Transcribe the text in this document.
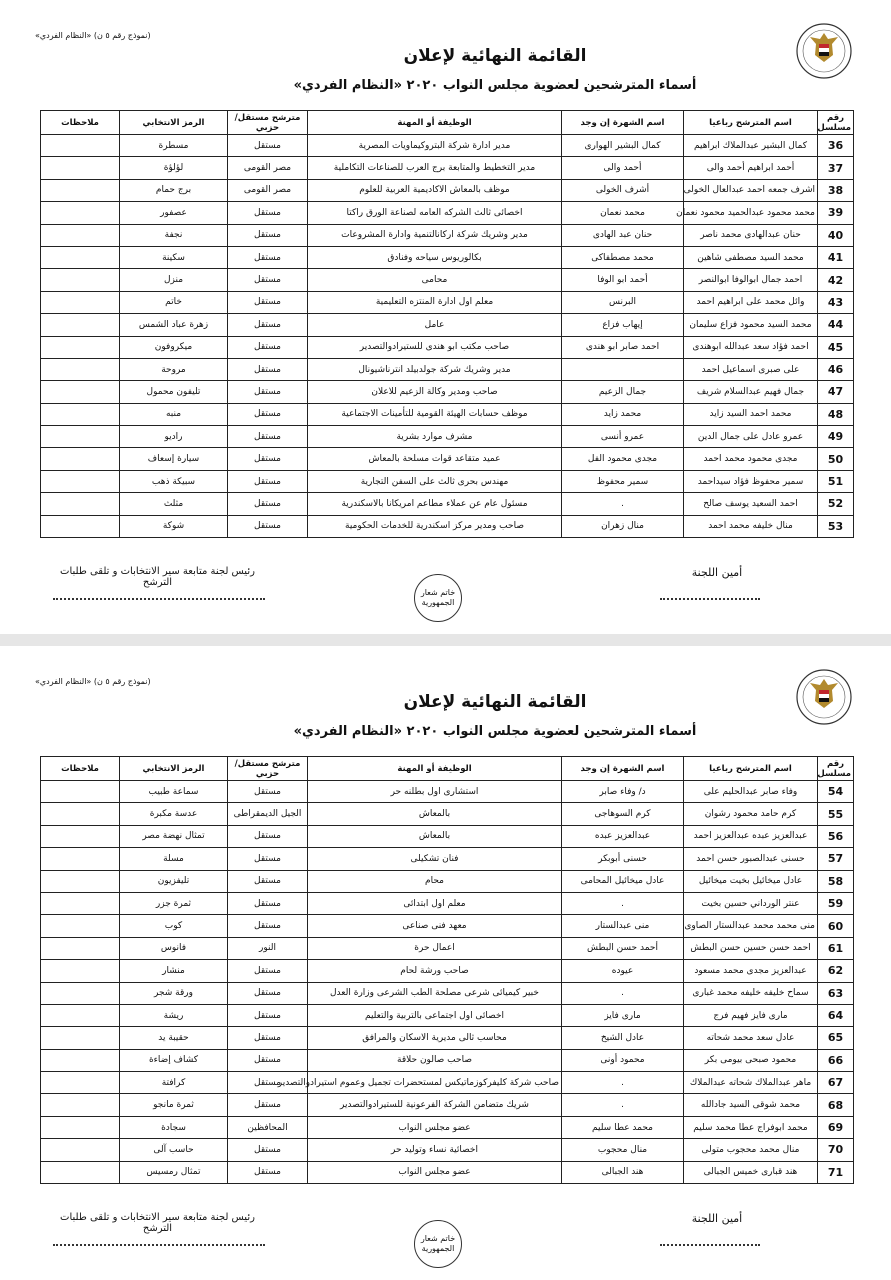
(نموذج رقم ٥ ن) «النظام الفردي»
القائمة النهائية لإعلان
أسماء المترشحين لعضوية مجلس النواب ٢٠٢٠ «النظام الفردي»
رقم مسلسل	اسم المترشح رباعيا	اسم الشهرة إن وجد	الوظيفة أو المهنة	مترشح مستقل/حزبي	الرمز الانتخابي	ملاحظات
36	كمال البشير عبدالملاك ابراهيم	كمال البشير الهوارى	مدير ادارة شركة البتروكيماويات المصرية	مستقل	مسطرة	
37	أحمد ابراهيم أحمد والى	أحمد والى	مدير التخطيط والمتابعة برج العرب للصناعات التكاملية	مصر القومى	لؤلؤة	
38	اشرف جمعه احمد عبدالعال الخولى	أشرف الخولى	موظف بالمعاش الاكاديمية العربية للعلوم	مصر القومى	برج حمام	
39	محمد محمود عبدالحميد محمود نعمان	محمد نعمان	اخصائى ثالث الشركه العامه لصناعة الورق راكتا	مستقل	عصفور	
40	حنان عبدالهادى محمد ناصر	حنان عبد الهادى	مدير وشريك شركة اركانالتنمية وادارة المشروعات	مستقل	نجفة	
41	محمد السيد مصطفى شاهين	محمد مصطفاكى	بكالوريوس سياحه وفنادق	مستقل	سكينة	
42	احمد جمال ابوالوفا ابوالنصر	أحمد ابو الوفا	محامى	مستقل	منزل	
43	وائل محمد على ابراهيم احمد	البرنس	معلم اول ادارة المنتزه التعليمية	مستقل	خاتم	
44	محمد السيد محمود فزاع سليمان	إيهاب فزاع	عامل	مستقل	زهرة عباد الشمس	
45	احمد فؤاد سعد عبدالله ابوهندى	احمد صابر ابو هندى	صاحب مكتب ابو هندى للستيرادوالتصدير	مستقل	ميكروفون	
46	على صبرى اسماعيل احمد		مدير وشريك شركة جولدبيلد انترناشيونال	مستقل	مروحة	
47	جمال فهيم عبدالسلام شريف	جمال الزعيم	صاحب ومدير وكالة الزعيم للاعلان	مستقل	تليفون محمول	
48	محمد احمد السيد زايد	محمد زايد	موظف حسابات الهيئة القومية للتأمينات الاجتماعية	مستقل	منبه	
49	عمرو عادل على جمال الدين	عمرو أنسى	مشرف موارد بشرية	مستقل	راديو	
50	مجدى محمود محمد احمد	مجدى محمود الفل	عميد متقاعد قوات مسلحة بالمعاش	مستقل	سيارة إسعاف	
51	سمير محفوظ فؤاد سيداحمد	سمير محفوظ	مهندس بحرى ثالث على السفن التجارية	مستقل	سبيكة ذهب	
52	احمد السعيد يوسف صالح	.	مسئول عام عن عملاء مطاعم امريكانا بالاسكندرية	مستقل	مثلث	
53	منال خليفه محمد احمد	منال زهران	صاحب ومدير مركز اسكندرية للخدمات الحكومية	مستقل	شوكة	
أمين اللجنة
رئيس لجنة متابعة سير الانتخابات و تلقى طلبات الترشح
خاتم شعار الجمهورية
(نموذج رقم ٥ ن) «النظام الفردي»
القائمة النهائية لإعلان
أسماء المترشحين لعضوية مجلس النواب ٢٠٢٠ «النظام الفردي»
رقم مسلسل	اسم المترشح رباعيا	اسم الشهرة إن وجد	الوظيفة أو المهنة	مترشح مستقل/حزبي	الرمز الانتخابي	ملاحظات
54	وفاء صابر عبدالحليم على	د/ وفاء صابر	استشارى اول بطلنه حر	مستقل	سماعة طبيب	
55	كرم حامد محمود رشوان	كرم السوهاجى	بالمعاش	الجيل الديمقراطى	عدسة مكبرة	
56	عبدالعزيز عبده عبدالعزيز احمد	عبدالعزيز عبده	بالمعاش	مستقل	تمثال نهضة مصر	
57	حسنى عبدالصبور حسن احمد	حسنى أبوبكر	فنان تشكيلى	مستقل	مسلة	
58	عادل ميخائيل بخيت ميخائيل	عادل ميخائيل المحامى	محام	مستقل	تليفزيون	
59	عنتر الورداني حسين بخيت	.	معلم اول ابتدائى	مستقل	ثمرة جزر	
60	منى محمد محمد عبدالستار الصاوى	منى عبدالستار	معهد فنى صناعى	مستقل	كوب	
61	احمد حسن حسين حسن البطش	أحمد حسن البطش	اعمال حرة	النور	فانوس	
62	عبدالعزيز مجدى محمد مسعود	عيوده	صاحب ورشة لحام	مستقل	منشار	
63	سماح خليفه خليفه محمد غبارى	.	خبير كيميائى شرعى مصلحة الطب الشرعى وزارة العدل	مستقل	ورقة شجر	
64	مارى فايز فهيم فرج	مارى فايز	اخصائى اول اجتماعى بالتربية والتعليم	مستقل	ريشة	
65	عادل سعد محمد شحاته	عادل الشيخ	محاسب ثالى مديرية الاسكان والمرافق	مستقل	حقيبة يد	
66	محمود صبحى بيومى بكر	محمود أونى	صاحب صالون حلاقة	مستقل	كشاف إضاءة	
67	ماهر عبدالملاك شحاته عبدالملاك	.	صاحب شركة كليفركوزماتيكس لمستحضرات تجميل وعموم استيرادوالتصدير	مستقل	كرافتة	
68	محمد شوقى السيد جادالله	.	شريك متضامن الشركة الفرعونية للستيرادوالتصدير	مستقل	ثمرة مانجو	
69	محمد ابوفراج عطا محمد سليم	محمد عطا سليم	عضو مجلس النواب	المحافظين	سجادة	
70	منال محمد محجوب متولى	منال محجوب	اخصائية نساء وتوليد حر	مستقل	حاسب آلى	
71	هند قبارى خميس الجبالى	هند الجبالى	عضو مجلس النواب	مستقل	تمثال رمسيس	
أمين اللجنة
رئيس لجنة متابعة سير الانتخابات و تلقى طلبات الترشح
خاتم شعار الجمهورية
